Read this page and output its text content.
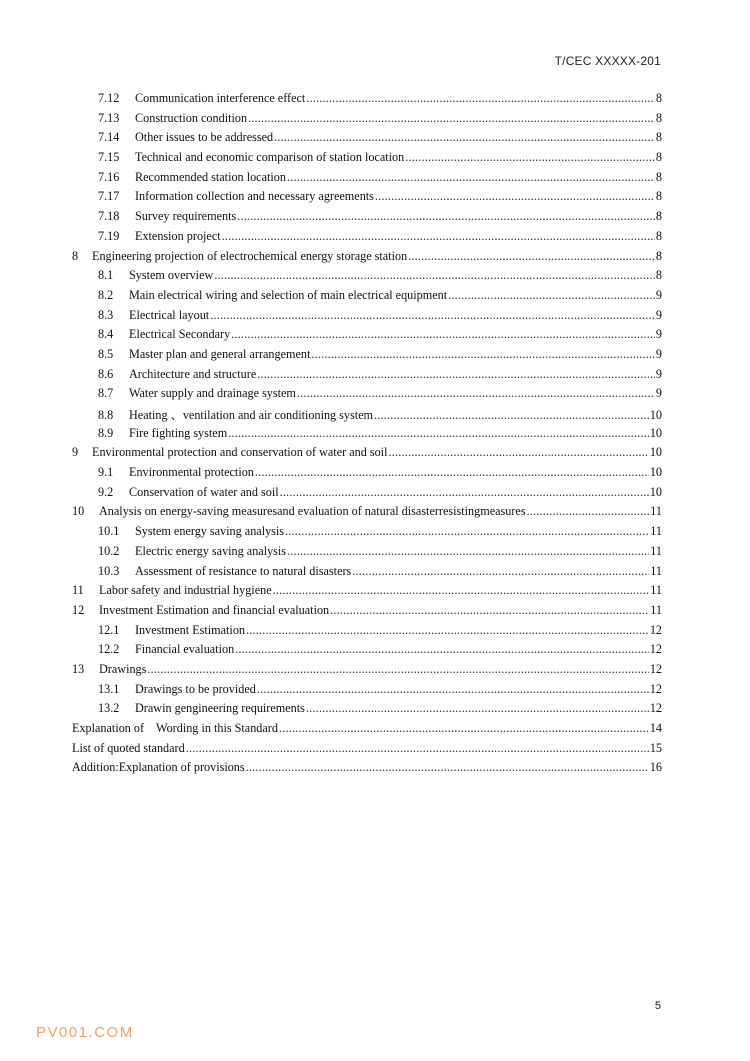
T/CEC XXXXX-201
7.12	Communication interference effect .....	8
7.13	Construction condition .....	8
7.14	Other issues to be addressed .....	8
7.15	Technical and economic comparison of station location .....	8
7.16	Recommended station location .....	8
7.17	Information collection and necessary agreements .....	8
7.18	Survey requirements .....	8
7.19	Extension project .....	8
8	Engineering projection of electrochemical energy storage station .....	8
8.1	System overview .....	8
8.2	Main electrical wiring and selection of main electrical equipment .....	9
8.3	Electrical layout .....	9
8.4	Electrical Secondary .....	9
8.5	Master plan and general arrangement .....	9
8.6	Architecture and structure .....	9
8.7	Water supply and drainage system .....	9
8.8	Heating 、ventilation and air conditioning system .....	10
8.9	Fire fighting system .....	10
9	Environmental protection and conservation of water and soil .....	10
9.1	Environmental protection .....	10
9.2	Conservation of water and soil .....	10
10	Analysis on energy-saving measuresand evaluation of natural disasterresistingmeasures .....	11
10.1	System energy saving analysis .....	11
10.2	Electric energy saving analysis .....	11
10.3	Assessment of resistance to natural disasters .....	11
11	Labor safety and industrial hygiene .....	11
12	Investment Estimation and financial evaluation .....	11
12.1	Investment Estimation .....	12
12.2	Financial evaluation .....	12
13	Drawings .....	12
13.1	Drawings to be provided .....	12
13.2	Drawin gengineering requirements .....	12
Explanation of    Wording in this Standard .....	14
List of quoted standard .....	15
Addition:Explanation of provisions .....	16
5
PV001.COM
